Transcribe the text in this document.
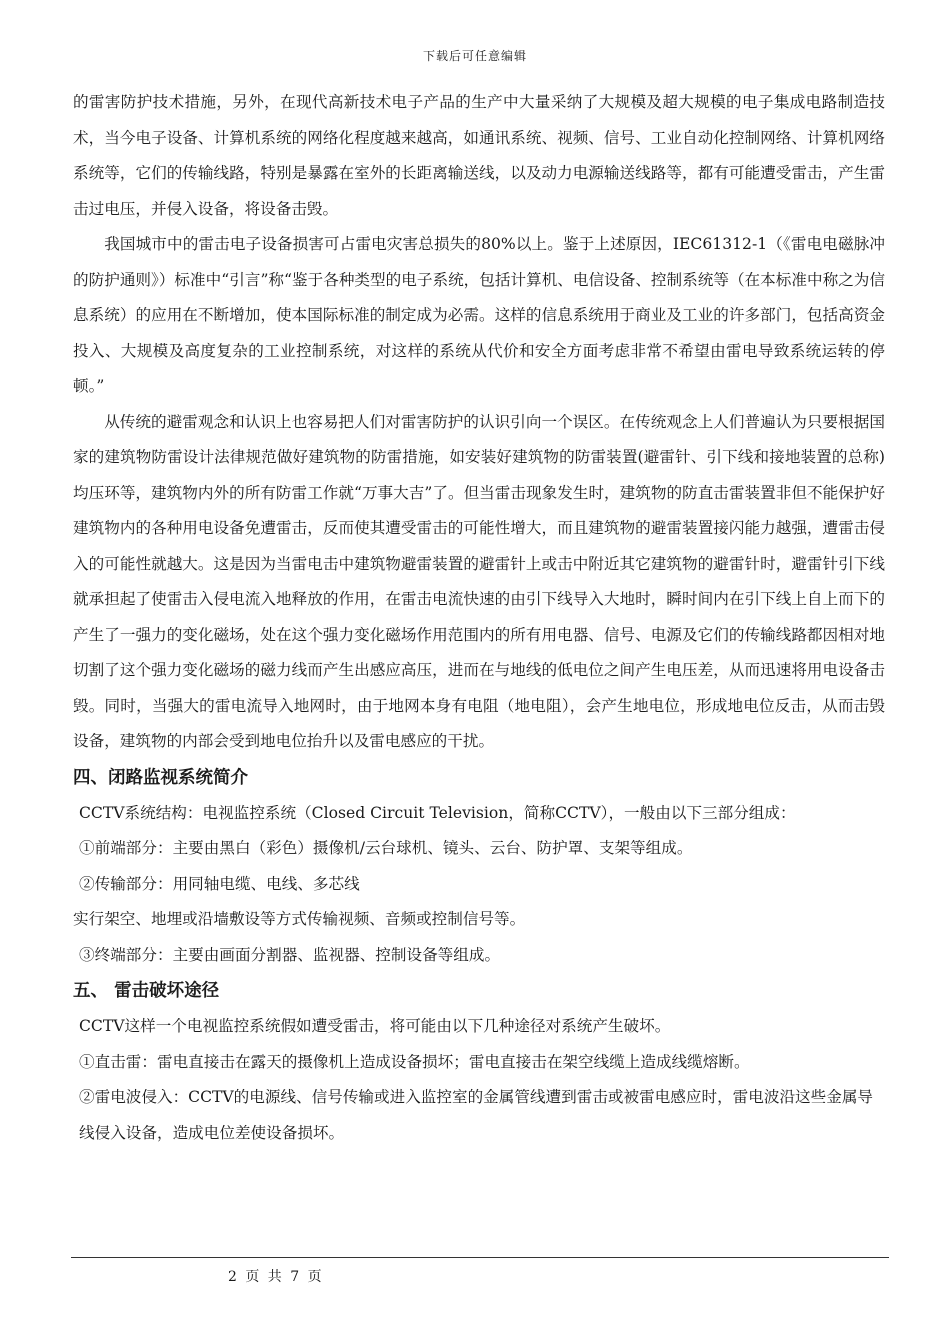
下载后可任意编辑

的雷害防护技术措施，另外，在现代高新技术电子产品的生产中大量采纳了大规模及超大规模的电子集成电路制造技术，当今电子设备、计算机系统的网络化程度越来越高，如通讯系统、视频、信号、工业自动化控制网络、计算机网络系统等，它们的传输线路，特别是暴露在室外的长距离输送线，以及动力电源输送线路等，都有可能遭受雷击，产生雷击过电压，并侵入设备，将设备击毁。

我国城市中的雷击电子设备损害可占雷电灾害总损失的80%以上。鉴于上述原因，IEC61312-1（《雷电电磁脉冲的防护通则》）标准中“引言”称“鉴于各种类型的电子系统，包括计算机、电信设备、控制系统等（在本标准中称之为信息系统）的应用在不断增加，使本国际标准的制定成为必需。这样的信息系统用于商业及工业的许多部门，包括高资金投入、大规模及高度复杂的工业控制系统，对这样的系统从代价和安全方面考虑非常不希望由雷电导致系统运转的停顿。”

从传统的避雷观念和认识上也容易把人们对雷害防护的认识引向一个误区。在传统观念上人们普遍认为只要根据国家的建筑物防雷设计法律规范做好建筑物的防雷措施，如安装好建筑物的防雷装置(避雷针、引下线和接地装置的总称)均压环等，建筑物内外的所有防雷工作就“万事大吉”了。但当雷击现象发生时，建筑物的防直击雷装置非但不能保护好建筑物内的各种用电设备免遭雷击，反而使其遭受雷击的可能性增大，而且建筑物的避雷装置接闪能力越强，遭雷击侵入的可能性就越大。这是因为当雷电击中建筑物避雷装置的避雷针上或击中附近其它建筑物的避雷针时，避雷针引下线就承担起了使雷击入侵电流入地释放的作用，在雷击电流快速的由引下线导入大地时，瞬时间内在引下线上自上而下的产生了一强力的变化磁场，处在这个强力变化磁场作用范围内的所有用电器、信号、电源及它们的传输线路都因相对地切割了这个强力变化磁场的磁力线而产生出感应高压，进而在与地线的低电位之间产生电压差，从而迅速将用电设备击毁。同时，当强大的雷电流导入地网时，由于地网本身有电阻（地电阻），会产生地电位，形成地电位反击，从而击毁设备，建筑物的内部会受到地电位抬升以及雷电感应的干扰。

四、闭路监视系统简介

CCTV系统结构：电视监控系统（Closed Circuit Television，简称CCTV），一般由以下三部分组成：

①前端部分：主要由黑白（彩色）摄像机/云台球机、镜头、云台、防护罩、支架等组成。

②传输部分：用同轴电缆、电线、多芯线

实行架空、地埋或沿墙敷设等方式传输视频、音频或控制信号等。

③终端部分：主要由画面分割器、监视器、控制设备等组成。

五、 雷击破坏途径

CCTV这样一个电视监控系统假如遭受雷击，将可能由以下几种途径对系统产生破坏。

①直击雷：雷电直接击在露天的摄像机上造成设备损坏；雷电直接击在架空线缆上造成线缆熔断。

②雷电波侵入：CCTV的电源线、信号传输或进入监控室的金属管线遭到雷击或被雷电感应时，雷电波沿这些金属导线侵入设备，造成电位差使设备损坏。

2 页 共 7 页
